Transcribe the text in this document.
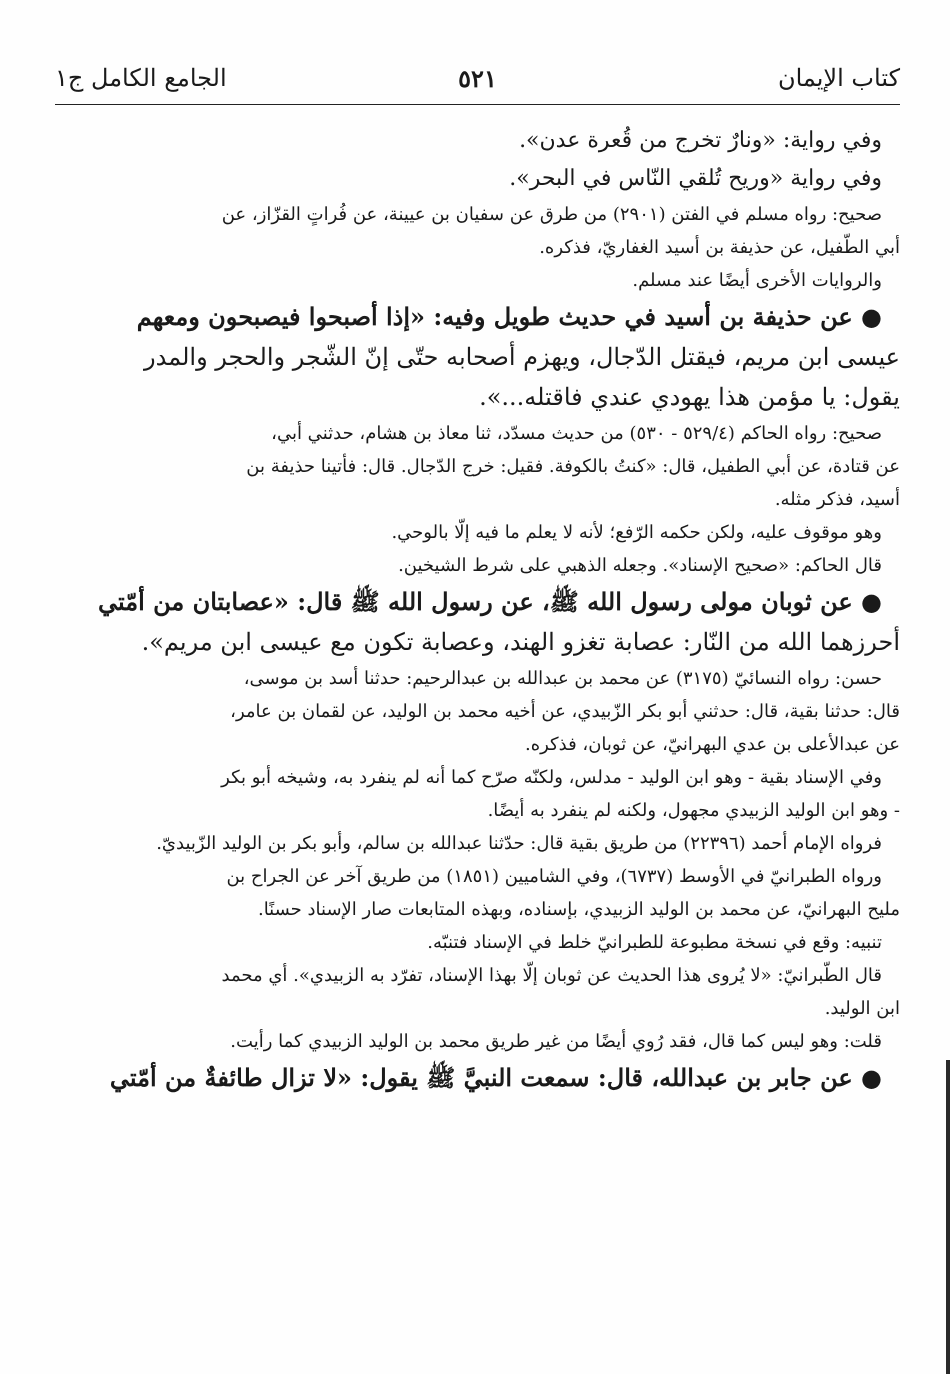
كتاب الإيمان
٥٢١
الجامع الكامل ج١
وفي رواية: «ونارٌ تخرج من قُعرة عدن».
وفي رواية «وريح تُلقي النّاس في البحر».
صحيح: رواه مسلم في الفتن (٢٩٠١) من طرق عن سفيان بن عيينة، عن فُراتٍ القزّاز، عن
أبي الطّفيل، عن حذيفة بن أسيد الغفاريّ، فذكره.
والروايات الأخرى أيضًا عند مسلم.
● عن حذيفة بن أسيد في حديث طويل وفيه: «إذا أصبحوا فيصبحون ومعهم
عيسى ابن مريم، فيقتل الدّجال، ويهزم أصحابه حتّى إنّ الشّجر والحجر والمدر
يقول: يا مؤمن هذا يهودي عندي فاقتله...».
صحيح: رواه الحاكم (٥٢٩/٤ - ٥٣٠) من حديث مسدّد، ثنا معاذ بن هشام، حدثني أبي،
عن قتادة، عن أبي الطفيل، قال: «كنتُ بالكوفة. فقيل: خرج الدّجال. قال: فأتينا حذيفة بن
أسيد، فذكر مثله.
وهو موقوف عليه، ولكن حكمه الرّفع؛ لأنه لا يعلم ما فيه إلّا بالوحي.
قال الحاكم: «صحيح الإسناد». وجعله الذهبي على شرط الشيخين.
● عن ثوبان مولى رسول الله ﷺ، عن رسول الله ﷺ قال: «عصابتان من أمّتي
أحرزهما الله من النّار: عصابة تغزو الهند، وعصابة تكون مع عيسى ابن مريم».
حسن: رواه النسائيّ (٣١٧٥) عن محمد بن عبدالله بن عبدالرحيم: حدثنا أسد بن موسى،
قال: حدثنا بقية، قال: حدثني أبو بكر الزّبيدي، عن أخيه محمد بن الوليد، عن لقمان بن عامر،
عن عبدالأعلى بن عدي البهرانيّ، عن ثوبان، فذكره.
وفي الإسناد بقية - وهو ابن الوليد - مدلس، ولكنّه صرّح كما أنه لم ينفرد به، وشيخه أبو بكر
- وهو ابن الوليد الزبيدي مجهول، ولكنه لم ينفرد به أيضًا.
فرواه الإمام أحمد (٢٢٣٩٦) من طريق بقية قال: حدّثنا عبدالله بن سالم، وأبو بكر بن الوليد الزّبيديّ.
ورواه الطبرانيّ في الأوسط (٦٧٣٧)، وفي الشاميين (١٨٥١) من طريق آخر عن الجراح بن
مليح البهرانيّ، عن محمد بن الوليد الزبيدي، بإسناده، وبهذه المتابعات صار الإسناد حسنًا.
تنبيه: وقع في نسخة مطبوعة للطبرانيّ خلط في الإسناد فتنبّه.
قال الطّبرانيّ: «لا يُروى هذا الحديث عن ثوبان إلّا بهذا الإسناد، تفرّد به الزبيدي». أي محمد
ابن الوليد.
قلت: وهو ليس كما قال، فقد رُوي أيضًا من غير طريق محمد بن الوليد الزبيدي كما رأيت.
● عن جابر بن عبدالله، قال: سمعت النبيَّ ﷺ يقول: «لا تزال طائفةٌ من أمّتي
